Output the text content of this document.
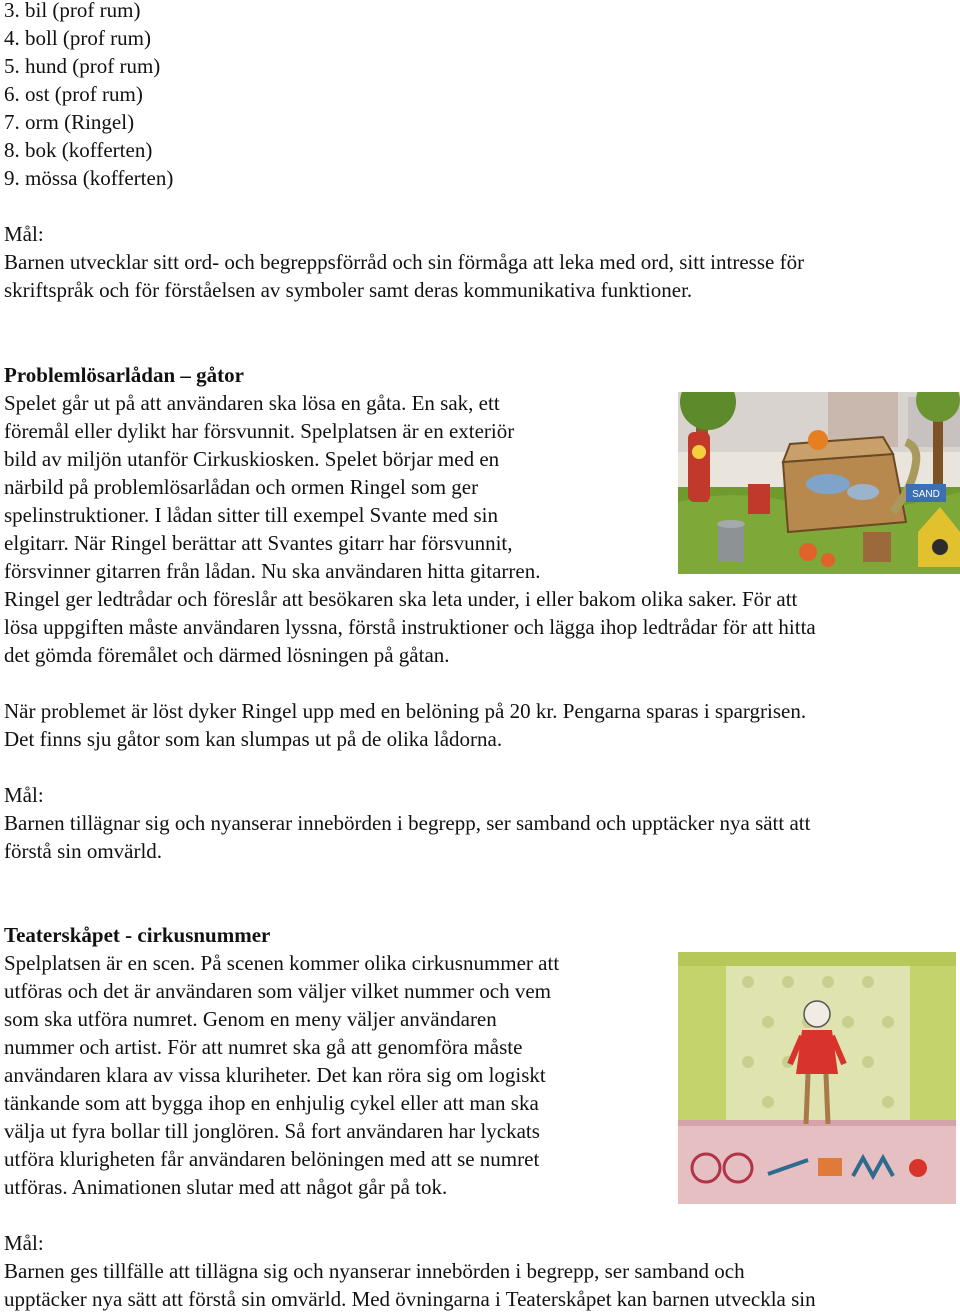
3. bil (prof rum)
4. boll (prof rum)
5. hund (prof rum)
6. ost (prof rum)
7. orm (Ringel)
8. bok (kofferten)
9. mössa (kofferten)
Mål:
Barnen utvecklar sitt ord- och begreppsförråd och sin förmåga att leka med ord, sitt intresse för
skriftspråk och för förståelsen av symboler samt deras kommunikativa funktioner.
Problemlösarlådan – gåtor
Spelet går ut på att användaren ska lösa en gåta. En sak, ett
föremål eller dylikt har försvunnit. Spelplatsen är en exteriör
bild av miljön utanför Cirkuskiosken. Spelet börjar med en
närbild på problemlösarlådan och ormen Ringel som ger
spelinstruktioner. I lådan sitter till exempel Svante med sin
elgitarr. När Ringel berättar att Svantes gitarr har försvunnit,
försvinner gitarren från lådan. Nu ska användaren hitta gitarren.
Ringel ger ledtrådar och föreslår att besökaren ska leta under, i eller bakom olika saker. För att
lösa uppgiften måste användaren lyssna, förstå instruktioner och lägga ihop ledtrådar för att hitta
det gömda föremålet och därmed lösningen på gåtan.
När problemet är löst dyker Ringel upp med en belöning på 20 kr. Pengarna sparas i spargrisen.
Det finns sju gåtor som kan slumpas ut på de olika lådorna.
SAND
Mål:
Barnen tillägnar sig och nyanserar innebörden i begrepp, ser samband och upptäcker nya sätt att
förstå sin omvärld.
Teaterskåpet - cirkusnummer
Spelplatsen är en scen. På scenen kommer olika cirkusnummer att
utföras och det är användaren som väljer vilket nummer och vem
som ska utföra numret. Genom en meny väljer användaren
nummer och artist. För att numret ska gå att genomföra måste
användaren klara av vissa kluriheter. Det kan röra sig om logiskt
tänkande som att bygga ihop en enhjulig cykel eller att man ska
välja ut fyra bollar till jonglören. Så fort användaren har lyckats
utföra klurigheten får användaren belöningen med att se numret
utföras. Animationen slutar med att något går på tok.
Mål:
Barnen ges tillfälle att tillägna sig och nyanserar innebörden i begrepp, ser samband och
upptäcker nya sätt att förstå sin omvärld. Med övningarna i Teaterskåpet kan barnen utveckla sin
